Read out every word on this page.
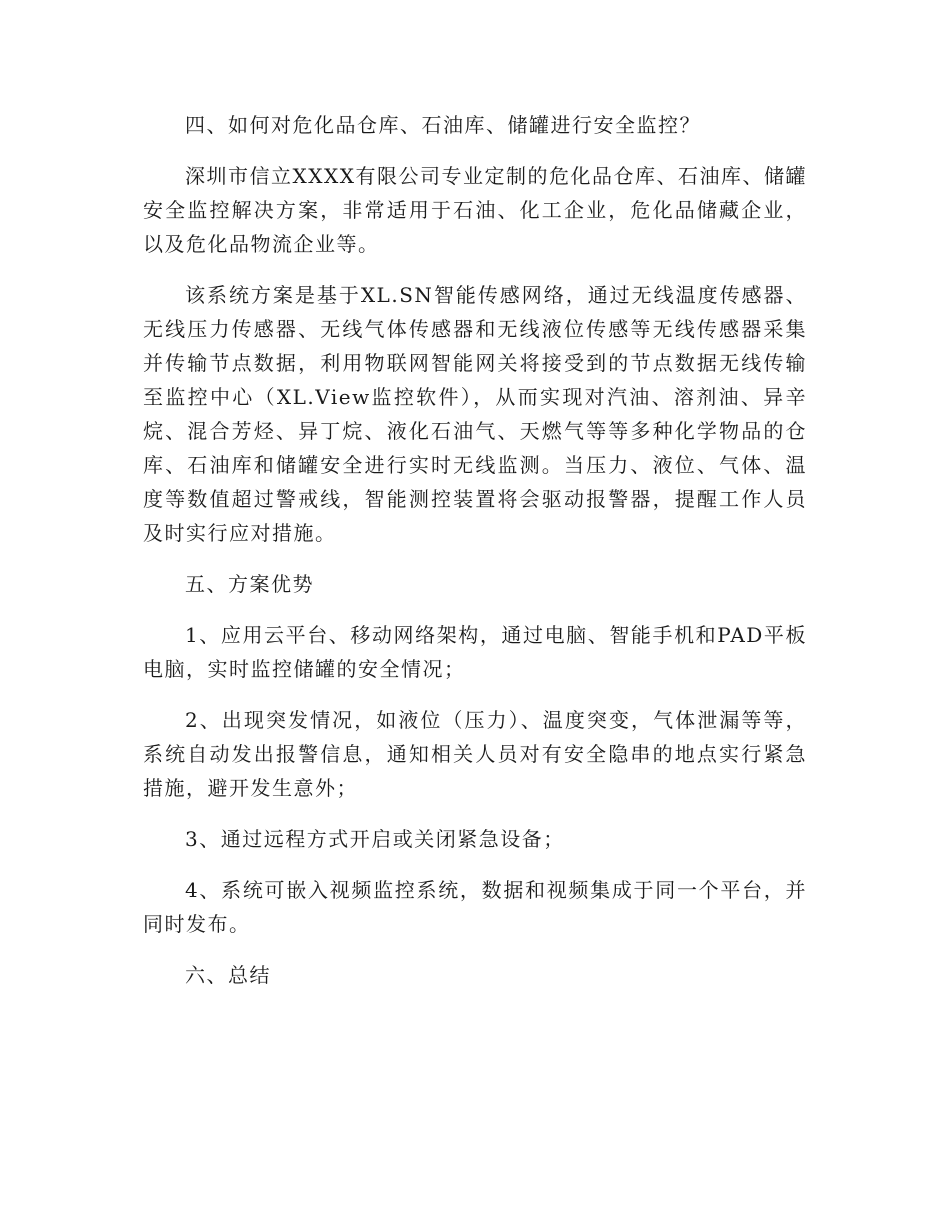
四、如何对危化品仓库、石油库、储罐进行安全监控？

深圳市信立XXXX有限公司专业定制的危化品仓库、石油库、储罐安全监控解决方案，非常适用于石油、化工企业，危化品储藏企业，以及危化品物流企业等。

该系统方案是基于XL.SN智能传感网络，通过无线温度传感器、无线压力传感器、无线气体传感器和无线液位传感等无线传感器采集并传输节点数据，利用物联网智能网关将接受到的节点数据无线传输至监控中心（XL.View监控软件），从而实现对汽油、溶剂油、异辛烷、混合芳烃、异丁烷、液化石油气、天燃气等等多种化学物品的仓库、石油库和储罐安全进行实时无线监测。当压力、液位、气体、温度等数值超过警戒线，智能测控装置将会驱动报警器，提醒工作人员及时实行应对措施。

五、方案优势

1、应用云平台、移动网络架构，通过电脑、智能手机和PAD平板电脑，实时监控储罐的安全情况；

2、出现突发情况，如液位（压力）、温度突变，气体泄漏等等，系统自动发出报警信息，通知相关人员对有安全隐串的地点实行紧急措施，避开发生意外；

3、通过远程方式开启或关闭紧急设备；

4、系统可嵌入视频监控系统，数据和视频集成于同一个平台，并同时发布。

六、总结
